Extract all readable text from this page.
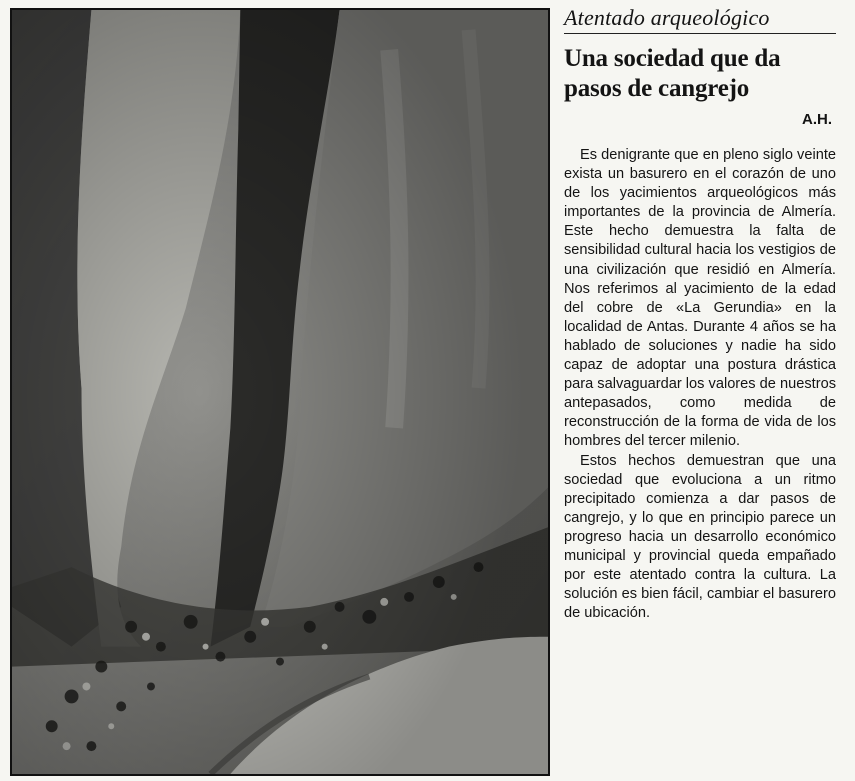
Atentado arqueológico
Una sociedad que da
pasos de cangrejo
A.H.

Es denigrante que en pleno siglo veinte exista un basurero en el corazón de uno de los yacimientos arqueológicos más importantes de la provincia de Almería. Este hecho demuestra la falta de sensibilidad cultural hacia los vestigios de una civilización que residió en Almería. Nos referimos al yacimiento de la edad del cobre de «La Gerundia» en la localidad de Antas. Durante 4 años se ha hablado de soluciones y nadie ha sido capaz de adoptar una postura drástica para salvaguardar los valores de nuestros antepasados, como medida de reconstrucción de la forma de vida de los hombres del tercer milenio.

Estos hechos demuestran que una sociedad que evoluciona a un ritmo precipitado comienza a dar pasos de cangrejo, y lo que en principio parece un progreso hacia un desarrollo económico municipal y provincial queda empañado por este atentado contra la cultura. La solución es bien fácil, cambiar el basurero de ubicación.
